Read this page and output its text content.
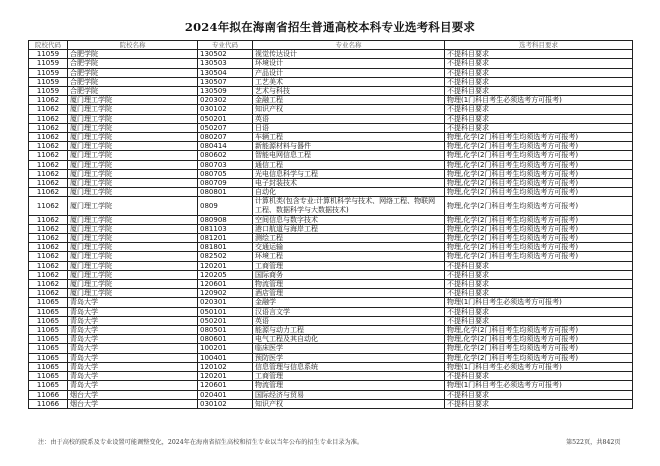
2024年拟在海南省招生普通高校本科专业选考科目要求
院校代码	院校名称	专业代码	专业名称	选考科目要求
11059	合肥学院	130502	视觉传达设计	不提科目要求
11059	合肥学院	130503	环境设计	不提科目要求
11059	合肥学院	130504	产品设计	不提科目要求
11059	合肥学院	130507	工艺美术	不提科目要求
11059	合肥学院	130509	艺术与科技	不提科目要求
11062	厦门理工学院	020302	金融工程	物理(1门科目考生必须选考方可报考)
11062	厦门理工学院	030102	知识产权	不提科目要求
11062	厦门理工学院	050201	英语	不提科目要求
11062	厦门理工学院	050207	日语	不提科目要求
11062	厦门理工学院	080207	车辆工程	物理,化学(2门科目考生均须选考方可报考)
11062	厦门理工学院	080414	新能源材料与器件	物理,化学(2门科目考生均须选考方可报考)
11062	厦门理工学院	080602	智能电网信息工程	物理,化学(2门科目考生均须选考方可报考)
11062	厦门理工学院	080703	通信工程	物理,化学(2门科目考生均须选考方可报考)
11062	厦门理工学院	080705	光电信息科学与工程	物理,化学(2门科目考生均须选考方可报考)
11062	厦门理工学院	080709	电子封装技术	物理,化学(2门科目考生均须选考方可报考)
11062	厦门理工学院	080801	自动化	物理,化学(2门科目考生均须选考方可报考)
11062	厦门理工学院	0809	计算机类(包含专业:计算机科学与技术、网络工程、物联网工程、数据科学与大数据技术)	物理,化学(2门科目考生均须选考方可报考)
11062	厦门理工学院	080908	空间信息与数字技术	物理,化学(2门科目考生均须选考方可报考)
11062	厦门理工学院	081103	港口航道与海岸工程	物理,化学(2门科目考生均须选考方可报考)
11062	厦门理工学院	081201	测绘工程	物理,化学(2门科目考生均须选考方可报考)
11062	厦门理工学院	081801	交通运输	物理,化学(2门科目考生均须选考方可报考)
11062	厦门理工学院	082502	环境工程	物理,化学(2门科目考生均须选考方可报考)
11062	厦门理工学院	120201	工商管理	不提科目要求
11062	厦门理工学院	120205	国际商务	不提科目要求
11062	厦门理工学院	120601	物流管理	不提科目要求
11062	厦门理工学院	120902	酒店管理	不提科目要求
11065	青岛大学	020301	金融学	物理(1门科目考生必须选考方可报考)
11065	青岛大学	050101	汉语言文学	不提科目要求
11065	青岛大学	050201	英语	不提科目要求
11065	青岛大学	080501	能源与动力工程	物理,化学(2门科目考生均须选考方可报考)
11065	青岛大学	080601	电气工程及其自动化	物理,化学(2门科目考生均须选考方可报考)
11065	青岛大学	100201	临床医学	物理,化学(2门科目考生均须选考方可报考)
11065	青岛大学	100401	预防医学	物理,化学(2门科目考生均须选考方可报考)
11065	青岛大学	120102	信息管理与信息系统	物理(1门科目考生必须选考方可报考)
11065	青岛大学	120201	工商管理	不提科目要求
11065	青岛大学	120601	物流管理	物理(1门科目考生必须选考方可报考)
11066	烟台大学	020401	国际经济与贸易	不提科目要求
11066	烟台大学	030102	知识产权	不提科目要求
注：由于高校的院系及专业设置可能调整变化，2024年在海南省招生高校和招生专业以当年公布的招生专业目录为准。	第522页，共842页
